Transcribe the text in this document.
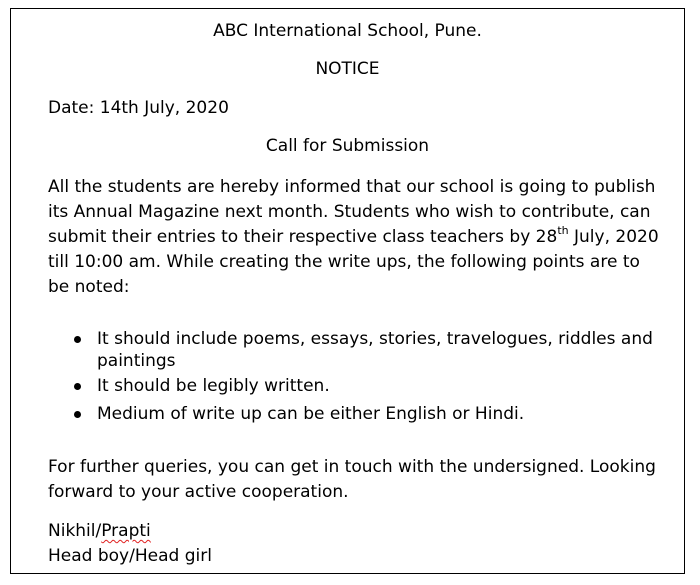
ABC International School, Pune.
NOTICE
Date: 14th July, 2020
Call for Submission
All the students are hereby informed that our school is going to publish
its Annual Magazine next month. Students who wish to contribute, can
submit their entries to their respective class teachers by 28th July, 2020
till 10:00 am. While creating the write ups, the following points are to
be noted:
It should include poems, essays, stories, travelogues, riddles and
paintings
It should be legibly written.
Medium of write up can be either English or Hindi.
For further queries, you can get in touch with the undersigned. Looking
forward to your active cooperation.
Nikhil/Prapti
Head boy/Head girl
